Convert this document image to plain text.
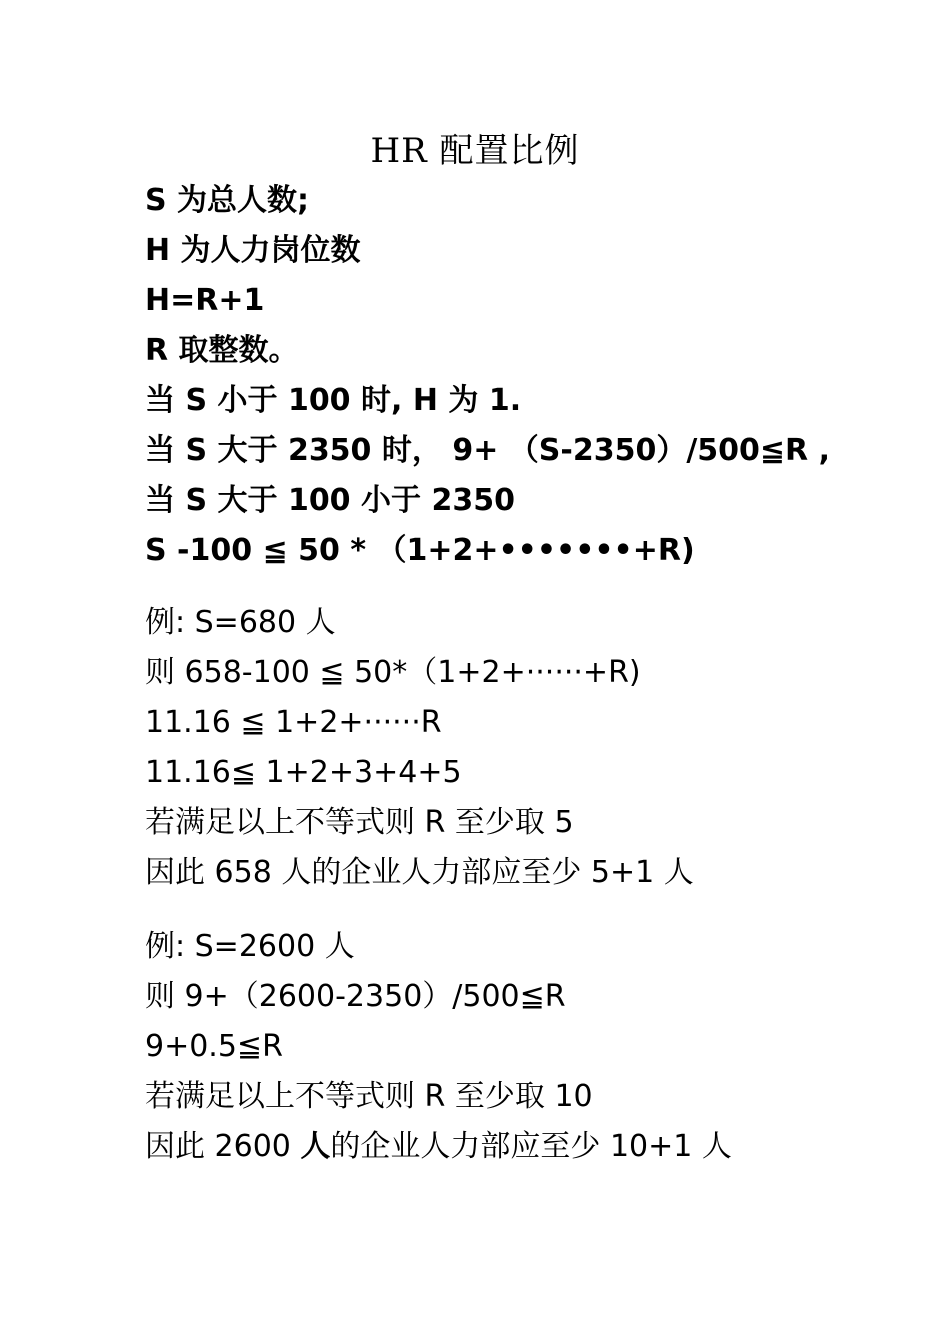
HR 配置比例
S 为总人数;
H 为人力岗位数
H=R+1
R 取整数。
当 S 小于 100 时, H 为 1.
当 S 大于 2350 时， 9+ （S-2350）/500≦R ,
当 S 大于 100 小于 2350
S -100 ≦ 50 * （1+2+•••••••+R)
例: S=680 人
则 658-100 ≦ 50*（1+2+······+R)
11.16 ≦ 1+2+······R
11.16≦ 1+2+3+4+5
若满足以上不等式则 R 至少取 5
因此 658 人的企业人力部应至少 5+1 人
例: S=2600 人
则 9+（2600-2350）/500≦R
9+0.5≦R
若满足以上不等式则 R 至少取 10
因此 2600 人的企业人力部应至少 10+1 人
